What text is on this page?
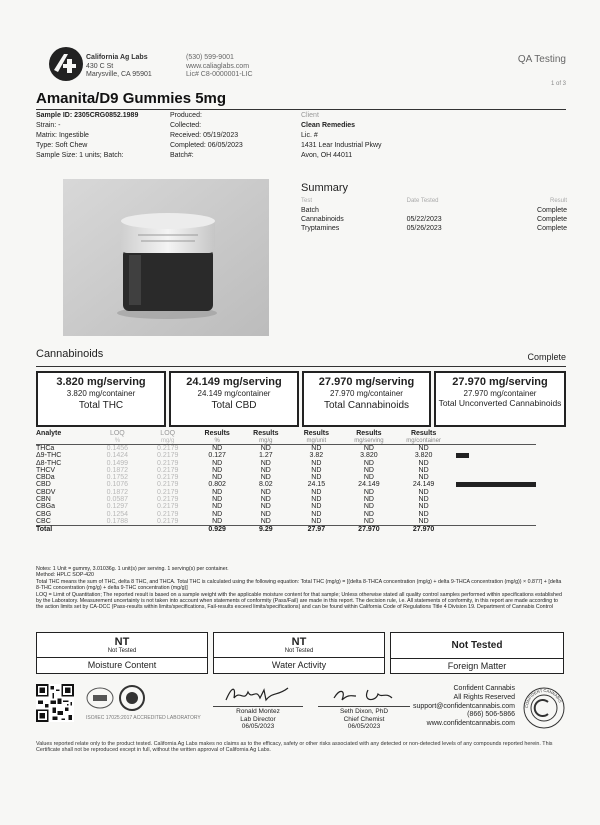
California Ag Labs
430 C St
Marysville, CA 95901
(530) 599-9001
www.caliaglabs.com
Lic# C8-0000001-LIC
QA Testing
1 of 3
Amanita/D9 Gummies 5mg
Sample ID: 2305CRG0852.1989
Strain: -
Matrix: Ingestible
Type: Soft Chew
Sample Size: 1 units; Batch:
Produced:
Collected:
Received: 05/19/2023
Completed: 06/05/2023
Batch#:
Client
Clean Remedies
Lic. #
1431 Lear Industrial Pkwy
Avon, OH 44011
Summary
Test	Date Tested	Result
Batch		Complete
Cannabinoids	05/22/2023	Complete
Tryptamines	05/26/2023	Complete
Cannabinoids	Complete
3.820 mg/serving
3.820 mg/container
Total THC
24.149 mg/serving
24.149 mg/container
Total CBD
27.970 mg/serving
27.970 mg/container
Total Cannabinoids
27.970 mg/serving
27.970 mg/container
Total Unconverted Cannabinoids
Analyte	LOQ	LOQ	Results	Results	Results	Results	Results	
	%	mg/g	%	mg/g	mg/unit	mg/serving	mg/container	
THCa	0.1456	0.2179	ND	ND	ND	ND	ND	
Δ9-THC	0.1424	0.2179	0.127	1.27	3.82	3.820	3.820	
Δ8-THC	0.1499	0.2179	ND	ND	ND	ND	ND	
THCV	0.1872	0.2179	ND	ND	ND	ND	ND	
CBDa	0.1752	0.2179	ND	ND	ND	ND	ND	
CBD	0.1076	0.2179	0.802	8.02	24.15	24.149	24.149	
CBDV	0.1872	0.2179	ND	ND	ND	ND	ND	
CBN	0.0587	0.2179	ND	ND	ND	ND	ND	
CBGa	0.1297	0.2179	ND	ND	ND	ND	ND	
CBG	0.1254	0.2179	ND	ND	ND	ND	ND	
CBC	0.1788	0.2179	ND	ND	ND	ND	ND	
Total			0.929	9.29	27.97	27.970	27.970	
Notes: 1 Unit = gummy, 3.01036g. 1 unit(s) per serving. 1 serving(s) per container.
Method: HPLC SOP-420
Total THC means the sum of THC, delta 8 THC, and THCA. Total THC is calculated using the following equation: Total THC (mg/g) = [(delta 8-THCA concentration (mg/g) + delta 9-THCA concentration (mg/g)) × 0.877] + [delta 8-THC concentration (mg/g) + delta 9-THC concentration (mg/g)]
LOQ = Limit of Quantitation; The reported result is based on a sample weight with the applicable moisture content for that sample; Unless otherwise stated all quality control samples performed within specifications established by the Laboratory. Measurement uncertainty is not taken into account when statements of conformity (Pass/Fail) are made in this report. The decision rule, i.e. All statements of conformity, in this report are made according to the action limits set by CA-DCC (Pass-results within limits/specifications, Fail-results exceed limits/specifications) and can be found within California Code of Regulations Title 4 Division 19. Department of Cannabis Control
NT
Not Tested
Moisture Content
NT
Not Tested
Water Activity
Not Tested
Foreign Matter
ISO/IEC 17025:2017 ACCREDITED LABORATORY
Ronald Montez
Lab Director
06/05/2023
Seth Dixon, PhD
Chief Chemist
06/05/2023
Confident Cannabis
All Rights Reserved
support@confidentcannabis.com
(866) 506-5866
www.confidentcannabis.com
CONFIDENT CANNABIS
Values reported relate only to the product tested. California Ag Labs makes no claims as to the efficacy, safety or other risks associated with any detected or non-detected levels of any compounds reported herein. This Certificate shall not be reproduced except in full, without the written approval of California Ag Labs.
